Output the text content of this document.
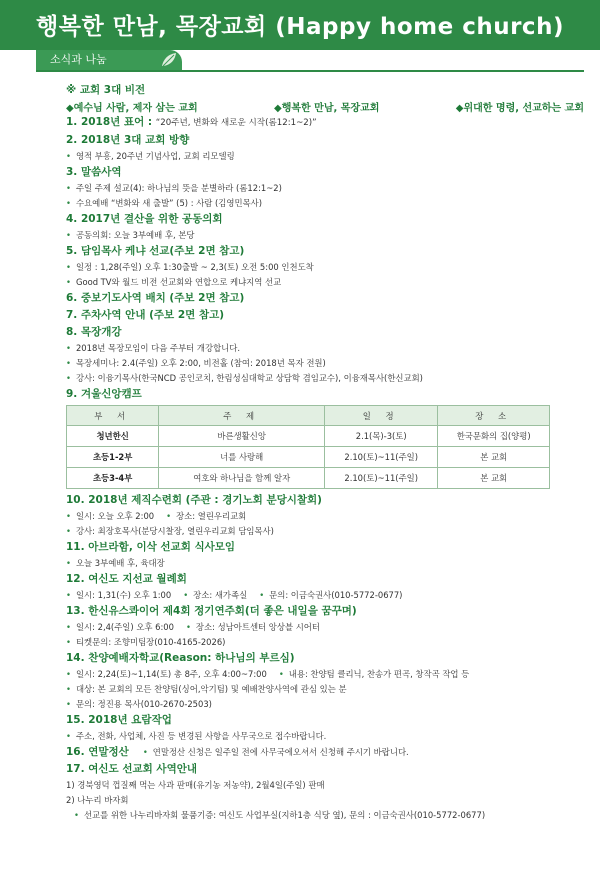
행복한 만남, 목장교회 (Happy home church)
소식과 나눔
※ 교회 3대 비전
◆예수님 사람, 제자 삼는 교회	◆행복한 만남, 목장교회	◆위대한 명령, 선교하는 교회
1. 2018년 표어 : “20주년, 변화와 새로운 시작(롬12:1~2)”
2. 2018년 3대 교회 방향
• 영적 부흥, 20주년 기념사업, 교회 리모델링
3. 말씀사역
• 주일 주제 설교(4): 하나님의 뜻을 분별하라 (롬12:1~2)
• 수요예배 “변화와 새 출발” (5) : 사람 (김영민목사)
4. 2017년 결산을 위한 공동의회
• 공동의회: 오늘 3부예배 후, 본당
5. 담임목사 케냐 선교(주보 2면 참고)
• 일정 : 1,28(주일) 오후 1:30출발 ~ 2,3(토) 오전 5:00 인천도착
• Good TV와 월드 비전 선교회와 연합으로 케냐지역 선교
6. 중보기도사역 배치 (주보 2면 참고)
7. 주차사역 안내 (주보 2면 참고)
8. 목장개강
• 2018년 목장모임이 다음 주부터 개강합니다.
• 목장세미나: 2.4(주일) 오후 2:00, 비전홀 (참여: 2018년 목자 전원)
• 강사: 이융기목사(한국NCD 공인코치, 한림성심대학교 상담학 겸임교수), 이융재목사(한신교회)
9. 겨울신앙캠프
부 서	주 제	일 정	장 소
청년한신	바른생활신앙	2.1(목)-3(토)	한국문화의 집(양평)
초등1-2부	너를 사랑해	2.10(토)~11(주일)	본 교회
초등3-4부	여호와 하나님을 함께 알자	2.10(토)~11(주일)	본 교회
10. 2018년 제직수련회 (주관 : 경기노회 분당시찰회)
• 일시: 오늘 오후 2:00 • 장소: 열린우리교회
• 강사: 최장호목사(분당시찰장, 열린우리교회 담임목사)
11. 아브라함, 이삭 선교회 식사모임
• 오늘 3부예배 후, 육대장
12. 여신도 지선교 월례회
• 일시: 1,31(수) 오후 1:00 • 장소: 새가족실 • 문의: 이금숙권사(010-5772-0677)
13. 한신유스콰이어 제4회 정기연주회(더 좋은 내일을 꿈꾸며)
• 일시: 2,4(주일) 오후 6:00 • 장소: 성남아트센터 앙상블 시어터
• 티켓문의: 조향미팀장(010-4165-2026)
14. 찬양예배자학교(Reason: 하나님의 부르심)
• 일시: 2,24(토)~1,14(토) 총 8주, 오후 4:00~7:00 • 내용: 찬양팀 클리닉, 찬송가 편곡, 창작곡 작업 등
• 대상: 본 교회의 모든 찬양팀(싱어,악기팀) 및 예배찬양사역에 관심 있는 분
• 문의: 정진용 목사(010-2670-2503)
15. 2018년 요람작업
• 주소, 전화, 사업체, 사진 등 변경된 사항을 사무국으로 접수바랍니다.
16. 연말정산 • 연말정산 신청은 일주일 전에 사무국에오셔서 신청해 주시기 바랍니다.
17. 여신도 선교회 사역안내
1) 경북영덕 껍질째 먹는 사과 판매(유기농 저농약), 2월4일(주일) 판매
2) 나누리 바자회
• 선교를 위한 나누리바자회 물품기증: 여신도 사업부실(지하1층 식당 옆), 문의 : 이금숙권사(010-5772-0677)
